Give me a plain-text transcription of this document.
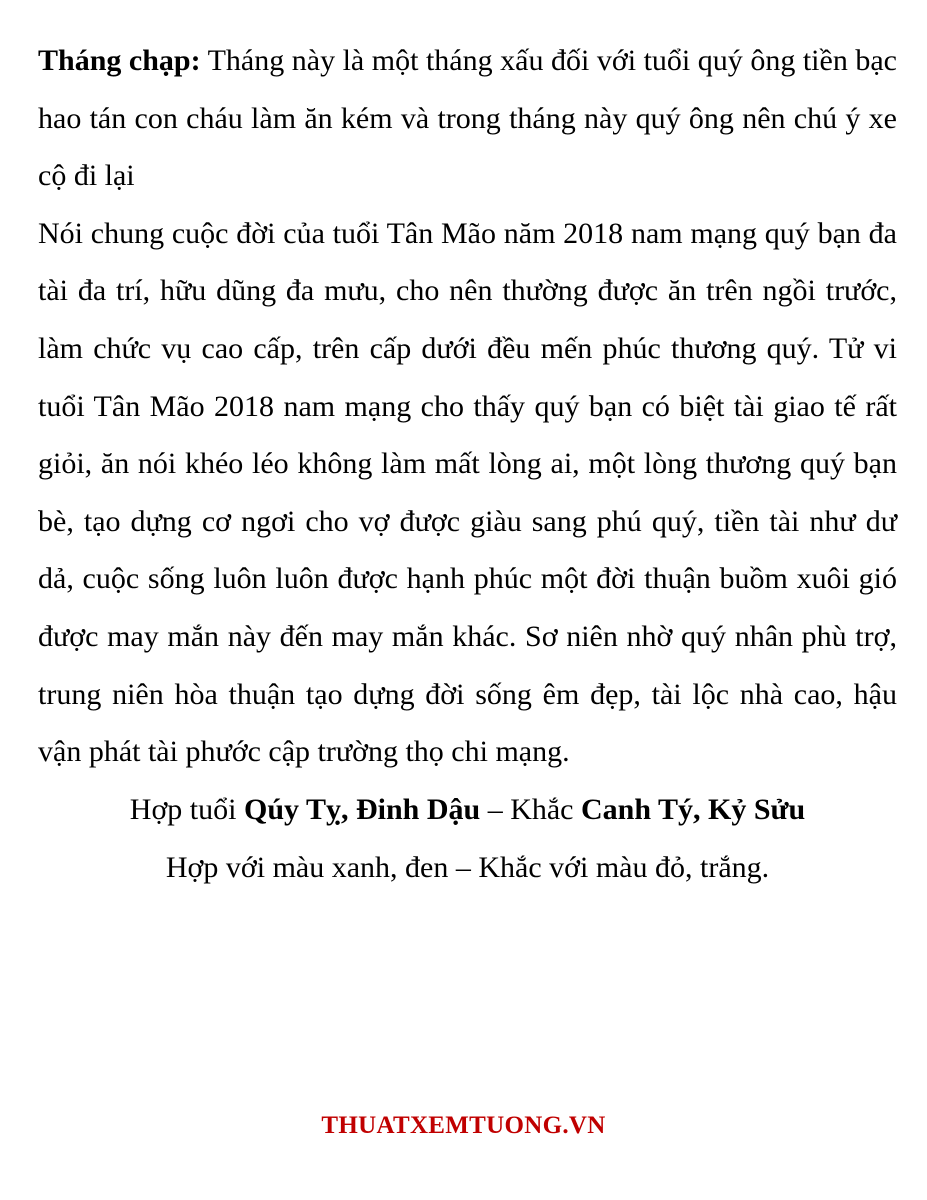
Tháng chạp: Tháng này là một tháng xấu đối với tuổi quý ông tiền bạc hao tán con cháu làm ăn kém và trong tháng này quý ông nên chú ý xe cộ đi lại

Nói chung cuộc đời của tuổi Tân Mão năm 2018 nam mạng quý bạn đa tài đa trí, hữu dũng đa mưu, cho nên thường được ăn trên ngồi trước, làm chức vụ cao cấp, trên cấp dưới đều mến phúc thương quý. Tử vi tuổi Tân Mão 2018 nam mạng cho thấy quý bạn có biệt tài giao tế rất giỏi, ăn nói khéo léo không làm mất lòng ai, một lòng thương quý bạn bè, tạo dựng cơ ngơi cho vợ được giàu sang phú quý, tiền tài như dư dả, cuộc sống luôn luôn được hạnh phúc một đời thuận buồm xuôi gió được may mắn này đến may mắn khác. Sơ niên nhờ quý nhân phù trợ, trung niên hòa thuận tạo dựng đời sống êm đẹp, tài lộc nhà cao, hậu vận phát tài phước cập trường thọ chi mạng.

Hợp tuổi Qúy Tỵ, Đinh Dậu – Khắc Canh Tý, Kỷ Sửu

Hợp với màu xanh, đen – Khắc với màu đỏ, trắng.

THUATXEMTUONG.VN
